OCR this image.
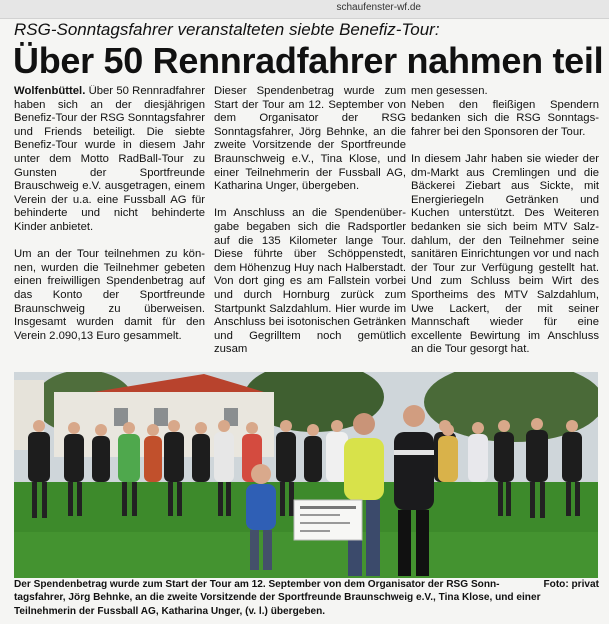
schaufenster-wf.de
RSG-Sonntagsfahrer veranstalteten siebte Benefiz-Tour:
Über 50 Rennradfahrer nahmen teil

Wolfenbüttel. Über 50 Rennradfahrer haben sich an der diesjährigen Benefiz-Tour der RSG Sonntagsfahrer und Friends beteiligt. Die siebte Benefiz-Tour wurde in diesem Jahr unter dem Motto RadBall-Tour zu Gunsten der Sportfreunde Brauschweig e.V. ausgetragen, einem Verein der u.a. eine Fussball AG für behinderte und nicht behinderte Kinder anbietet.

Um an der Tour teilnehmen zu können, wurden die Teilnehmer gebeten einen freiwilligen Spendenbetrag auf das Konto der Sportfreunde Braunschweig zu überweisen. Insgesamt wurden damit für den Verein 2.090,13 Euro gesammelt.

Dieser Spendenbetrag wurde zum Start der Tour am 12. September von dem Organisator der RSG Sonntagsfahrer, Jörg Behnke, an die zweite Vorsitzende der Sportfreunde Braunschweig e.V., Tina Klose, und einer Teilnehmerin der Fussball AG, Katharina Unger, übergeben.

Im Anschluss an die Spendenübergabe begaben sich die Radsportler auf die 135 Kilometer lange Tour. Diese führte über Schöppenstedt, dem Höhenzug Huy nach Halberstadt. Von dort ging es am Fallstein vorbei und durch Hornburg zurück zum Startpunkt Salzdahlum. Hier wurde im Anschluss bei isotonischen Getränken und Gegrilltem noch gemütlich zusam

men gesessen.
Neben den fleißigen Spendern bedanken sich die RSG Sonntagsfahrer bei den Sponsoren der Tour.

In diesem Jahr haben sie wieder der dm-Markt aus Cremlingen und die Bäckerei Ziebart aus Sickte, mit Energieriegeln Getränken und Kuchen unterstützt. Des Weiteren bedanken sie sich beim MTV Salzdahlum, der den Teilnehmer seine sanitären Einrichtungen vor und nach der Tour zur Verfügung gestellt hat. Und zum Schluss beim Wirt des Sportheims des MTV Salzdahlum, Uwe Lackert, der mit seiner Mannschaft wieder für eine excellente Bewirtung im Anschluss an die Tour gesorgt hat.

Foto: privat
Der Spendenbetrag wurde zum Start der Tour am 12. September von dem Organisator der RSG Sonntagsfahrer, Jörg Behnke, an die zweite Vorsitzende der Sportfreunde Braunschweig e.V., Tina Klose, und einer Teilnehmerin der Fussball AG, Katharina Unger, (v. l.) übergeben.
